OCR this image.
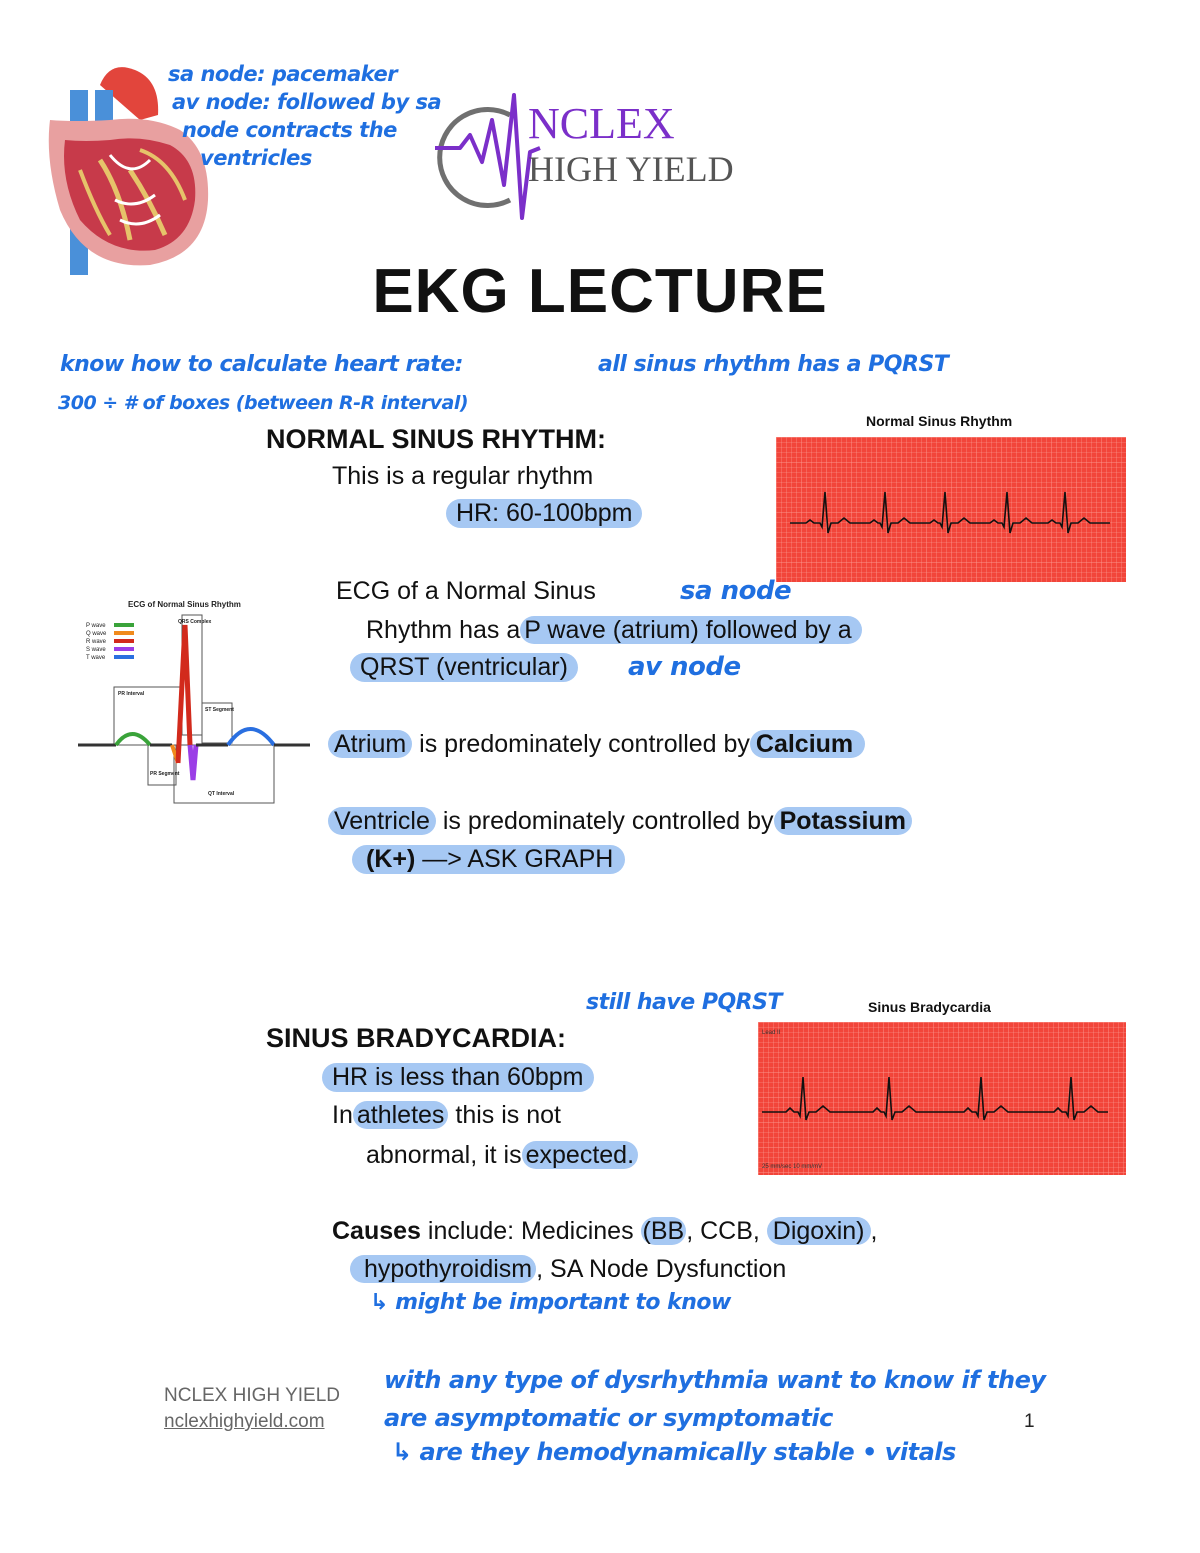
sa node: pacemaker
av node: followed by sa
node contracts the
ventricles
NCLEX
HIGH YIELD
EKG LECTURE
know how to calculate heart rate:
300 ÷ # of boxes (between R-R interval)
all sinus rhythm has a PQRST
NORMAL SINUS RHYTHM:
This is a regular rhythm
HR: 60-100bpm
Normal Sinus Rhythm
ECG of Normal Sinus Rhythm
P wave
Q wave
R wave
S wave
T wave
QRS Complex
PR Interval
ST Segment
PR Segment
QT Interval
ECG of a Normal Sinus	sa node
Rhythm has a P wave (atrium) followed by a
QRST (ventricular)	av node
Atrium is predominately controlled by Calcium
Ventricle is predominately controlled by Potassium
(K+) —> ASK GRAPH
still have PQRST
SINUS BRADYCARDIA:
Sinus Bradycardia
Lead II
25 mm/sec 10 mm/mV
HR is less than 60bpm
In athletes this is not
abnormal, it is expected.
Causes include: Medicines (BB, CCB, Digoxin) ,
hypothyroidism , SA Node Dysfunction
↳ might be important to know
with any type of dysrhythmia want to know if they
are asymptomatic or symptomatic
↳ are they hemodynamically stable • vitals
NCLEX HIGH YIELD
nclexhighyield.com	1
